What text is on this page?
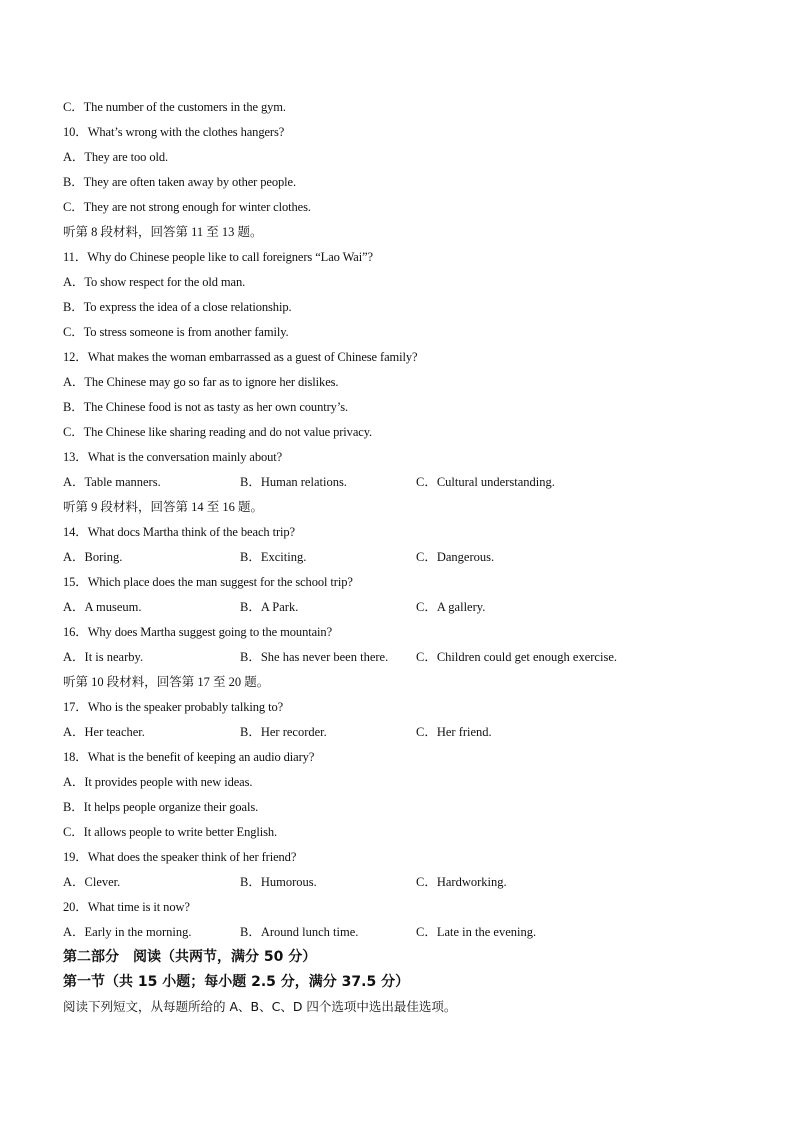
C．The number of the customers in the gym.
10．What’s wrong with the clothes hangers?
A．They are too old.
B．They are often taken away by other people.
C．They are not strong enough for winter clothes.
听第 8 段材料，回答第 11 至 13 题。
11．Why do Chinese people like to call foreigners “Lao Wai”?
A．To show respect for the old man.
B．To express the idea of a close relationship.
C．To stress someone is from another family.
12．What makes the woman embarrassed as a guest of Chinese family?
A．The Chinese may go so far as to ignore her dislikes.
B．The Chinese food is not as tasty as her own country’s.
C．The Chinese like sharing reading and do not value privacy.
13．What is the conversation mainly about?
A．Table manners.	B．Human relations.	C．Cultural understanding.
听第 9 段材料，回答第 14 至 16 题。
14．What docs Martha think of the beach trip?
A．Boring.	B．Exciting.	C．Dangerous.
15．Which place does the man suggest for the school trip?
A．A museum.	B．A Park.	C．A gallery.
16．Why does Martha suggest going to the mountain?
A．It is nearby.	B．She has never been there. C．Children could get enough exercise.
听第 10 段材料，回答第 17 至 20 题。
17．Who is the speaker probably talking to?
A．Her teacher.	B．Her recorder.	C．Her friend.
18．What is the benefit of keeping an audio diary?
A．It provides people with new ideas.
B．It helps people organize their goals.
C．It allows people to write better English.
19．What does the speaker think of her friend?
A．Clever.	B．Humorous.	C．Hardworking.
20．What time is it now?
A．Early in the morning.	B．Around lunch time.	C．Late in the evening.
第二部分　阅读（共两节，满分 50 分）
第一节（共 15 小题；每小题 2.5 分，满分 37.5 分）
阅读下列短文，从每题所给的 A、B、C、D 四个选项中选出最佳选项。
